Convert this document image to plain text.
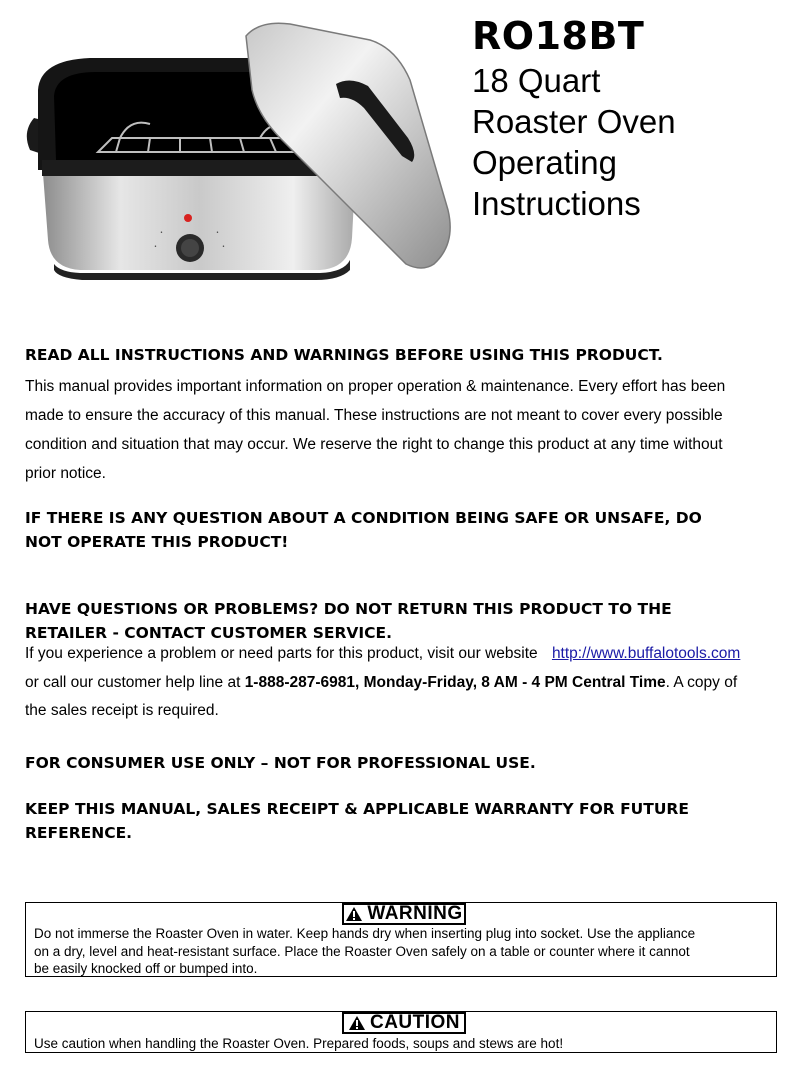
•	•
•	•
RO18BT
18 Quart
Roaster Oven
Operating
Instructions
READ ALL INSTRUCTIONS AND WARNINGS BEFORE USING THIS PRODUCT.
This manual provides important information on proper operation & maintenance. Every effort has been
made to ensure the accuracy of this manual. These instructions are not meant to cover every possible
condition and situation that may occur. We reserve the right to change this product at any time without
prior notice.
IF THERE IS ANY QUESTION ABOUT A CONDITION BEING SAFE OR UNSAFE, DO
NOT OPERATE THIS PRODUCT!
HAVE QUESTIONS OR PROBLEMS? DO NOT RETURN THIS PRODUCT TO THE
RETAILER - CONTACT CUSTOMER SERVICE.
If you experience a problem or need parts for this product, visit our website http://www.buffalotools.com
or call our customer help line at 1-888-287-6981, Monday-Friday, 8 AM - 4 PM Central Time. A copy of
the sales receipt is required.
FOR CONSUMER USE ONLY – NOT FOR PROFESSIONAL USE.
KEEP THIS MANUAL, SALES RECEIPT & APPLICABLE WARRANTY FOR FUTURE
REFERENCE.
WARNING
Do not immerse the Roaster Oven in water. Keep hands dry when inserting plug into socket. Use the appliance
on a dry, level and heat-resistant surface. Place the Roaster Oven safely on a table or counter where it cannot
be easily knocked off or bumped into.
CAUTION
Use caution when handling the Roaster Oven. Prepared foods, soups and stews are hot!
